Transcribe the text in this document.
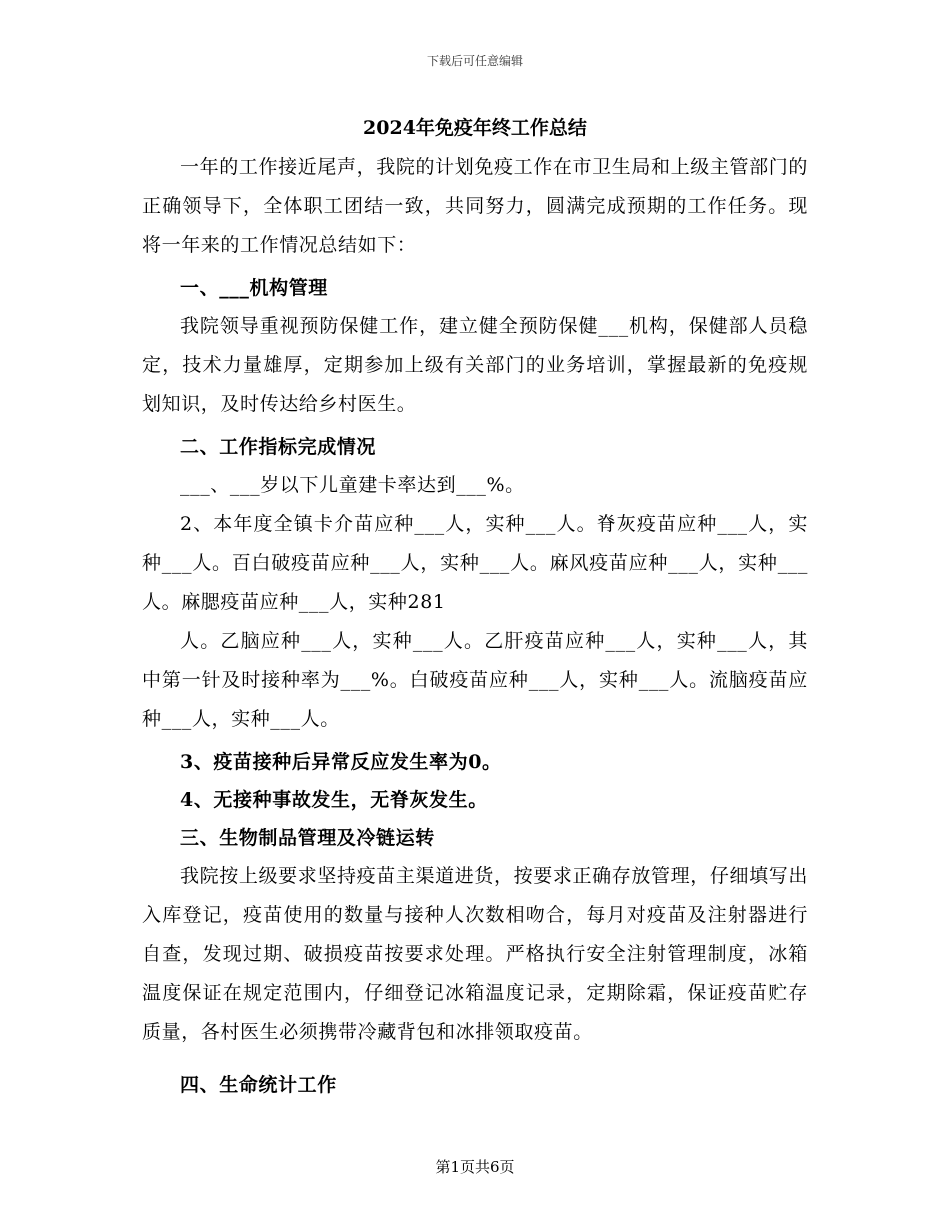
下载后可任意编辑
2024年免疫年终工作总结

一年的工作接近尾声，我院的计划免疫工作在市卫生局和上级主管部门的正确领导下，全体职工团结一致，共同努力，圆满完成预期的工作任务。现将一年来的工作情况总结如下：

一、___机构管理

我院领导重视预防保健工作，建立健全预防保健___机构，保健部人员稳定，技术力量雄厚，定期参加上级有关部门的业务培训，掌握最新的免疫规划知识，及时传达给乡村医生。

二、工作指标完成情况

___、___岁以下儿童建卡率达到___%。

2、本年度全镇卡介苗应种___人，实种___人。脊灰疫苗应种___人，实种___人。百白破疫苗应种___人，实种___人。麻风疫苗应种___人，实种___人。麻腮疫苗应种___人，实种281

人。乙脑应种___人，实种___人。乙肝疫苗应种___人，实种___人，其中第一针及时接种率为___%。白破疫苗应种___人，实种___人。流脑疫苗应种___人，实种___人。

3、疫苗接种后异常反应发生率为0。

4、无接种事故发生，无脊灰发生。

三、生物制品管理及冷链运转

我院按上级要求坚持疫苗主渠道进货，按要求正确存放管理，仔细填写出入库登记，疫苗使用的数量与接种人次数相吻合，每月对疫苗及注射器进行自查，发现过期、破损疫苗按要求处理。严格执行安全注射管理制度，冰箱温度保证在规定范围内，仔细登记冰箱温度记录，定期除霜，保证疫苗贮存质量，各村医生必须携带冷藏背包和冰排领取疫苗。

四、生命统计工作

第1页共6页
